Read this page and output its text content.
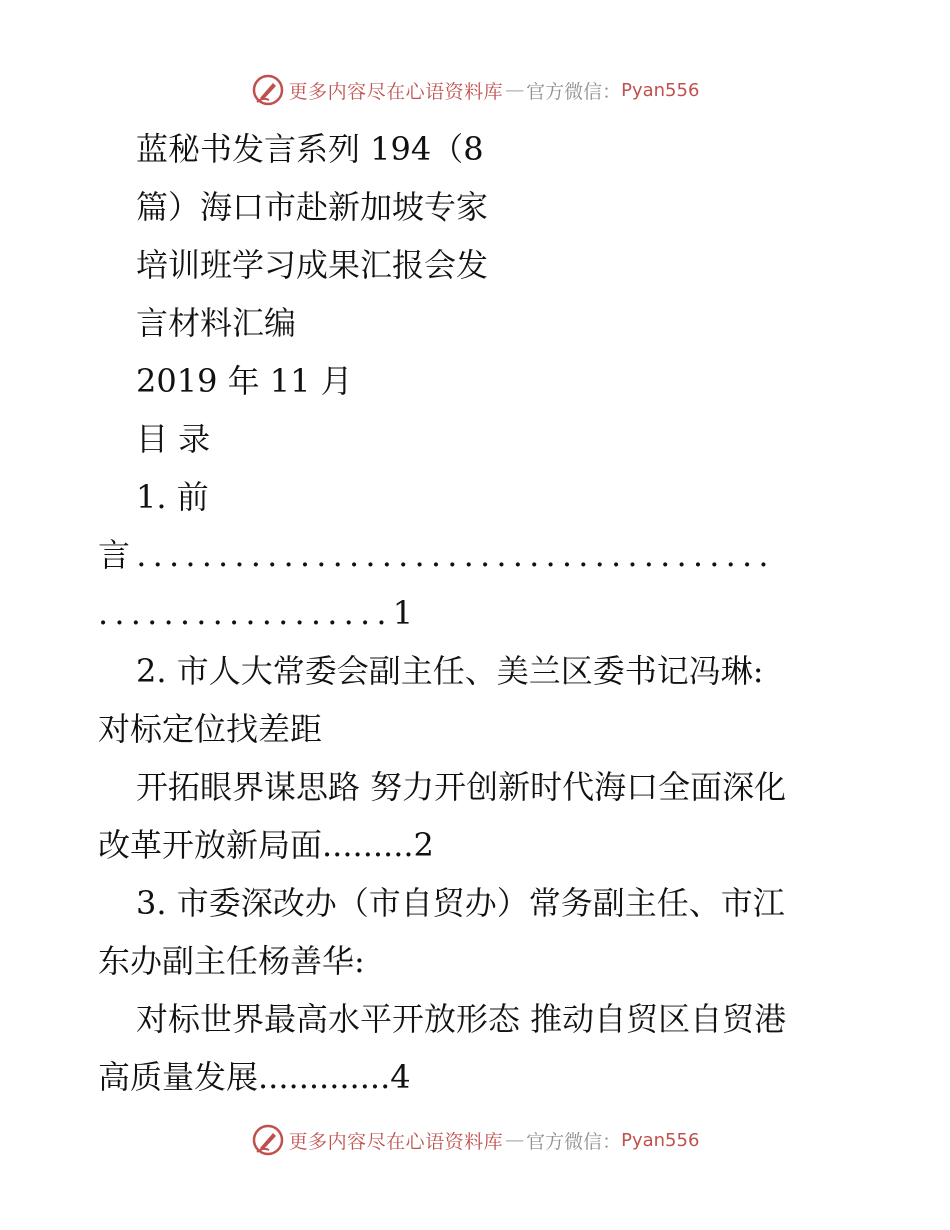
更多内容尽在心语资料库 — 官方微信： Pyan556
蓝秘书发言系列 194（8
篇）海口市赴新加坡专家
培训班学习成果汇报会发
言材料汇编
2019 年 11 月
目 录
1. 前
言.......................................
..................1
2. 市人大常委会副主任、美兰区委书记冯琳:
对标定位找差距
开拓眼界谋思路 努力开创新时代海口全面深化
改革开放新局面.........2
3. 市委深改办（市自贸办）常务副主任、市江
东办副主任杨善华:
对标世界最高水平开放形态 推动自贸区自贸港
高质量发展.............4
更多内容尽在心语资料库 — 官方微信： Pyan556
